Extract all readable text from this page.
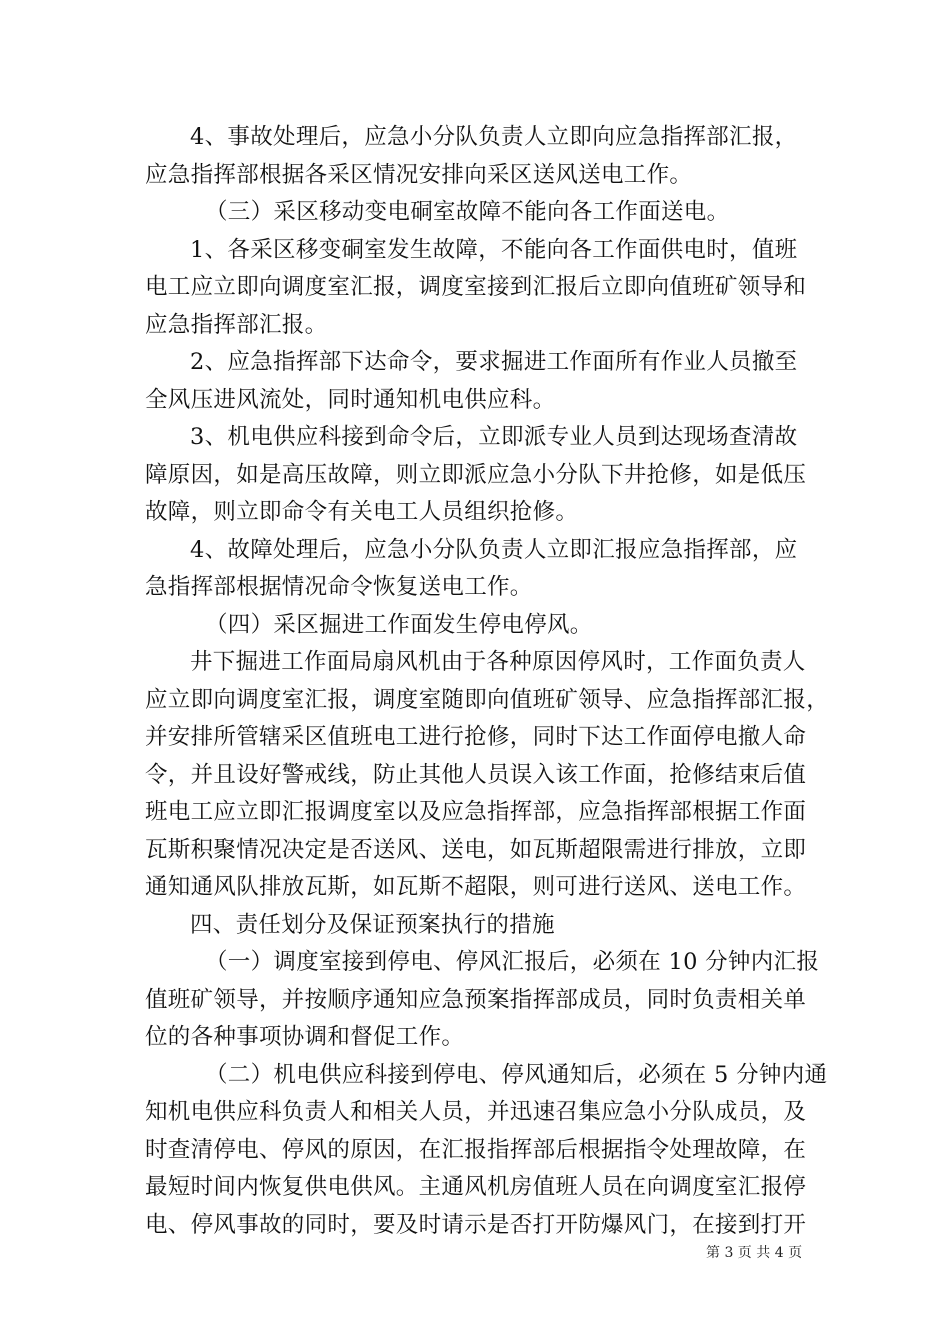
4、事故处理后，应急小分队负责人立即向应急指挥部汇报，
应急指挥部根据各采区情况安排向采区送风送电工作。
（三）采区移动变电硐室故障不能向各工作面送电。
1、各采区移变硐室发生故障，不能向各工作面供电时，值班
电工应立即向调度室汇报，调度室接到汇报后立即向值班矿领导和
应急指挥部汇报。
2、应急指挥部下达命令，要求掘进工作面所有作业人员撤至
全风压进风流处，同时通知机电供应科。
3、机电供应科接到命令后，立即派专业人员到达现场查清故
障原因，如是高压故障，则立即派应急小分队下井抢修，如是低压
故障，则立即命令有关电工人员组织抢修。
4、故障处理后，应急小分队负责人立即汇报应急指挥部，应
急指挥部根据情况命令恢复送电工作。
（四）采区掘进工作面发生停电停风。
井下掘进工作面局扇风机由于各种原因停风时，工作面负责人
应立即向调度室汇报，调度室随即向值班矿领导、应急指挥部汇报，
并安排所管辖采区值班电工进行抢修，同时下达工作面停电撤人命
令，并且设好警戒线，防止其他人员误入该工作面，抢修结束后值
班电工应立即汇报调度室以及应急指挥部，应急指挥部根据工作面
瓦斯积聚情况决定是否送风、送电，如瓦斯超限需进行排放，立即
通知通风队排放瓦斯，如瓦斯不超限，则可进行送风、送电工作。
四、责任划分及保证预案执行的措施
（一）调度室接到停电、停风汇报后，必须在 10 分钟内汇报
值班矿领导，并按顺序通知应急预案指挥部成员，同时负责相关单
位的各种事项协调和督促工作。
（二）机电供应科接到停电、停风通知后，必须在 5 分钟内通
知机电供应科负责人和相关人员，并迅速召集应急小分队成员，及
时查清停电、停风的原因，在汇报指挥部后根据指令处理故障，在
最短时间内恢复供电供风。主通风机房值班人员在向调度室汇报停
电、停风事故的同时，要及时请示是否打开防爆风门，在接到打开
第 3 页 共 4 页
